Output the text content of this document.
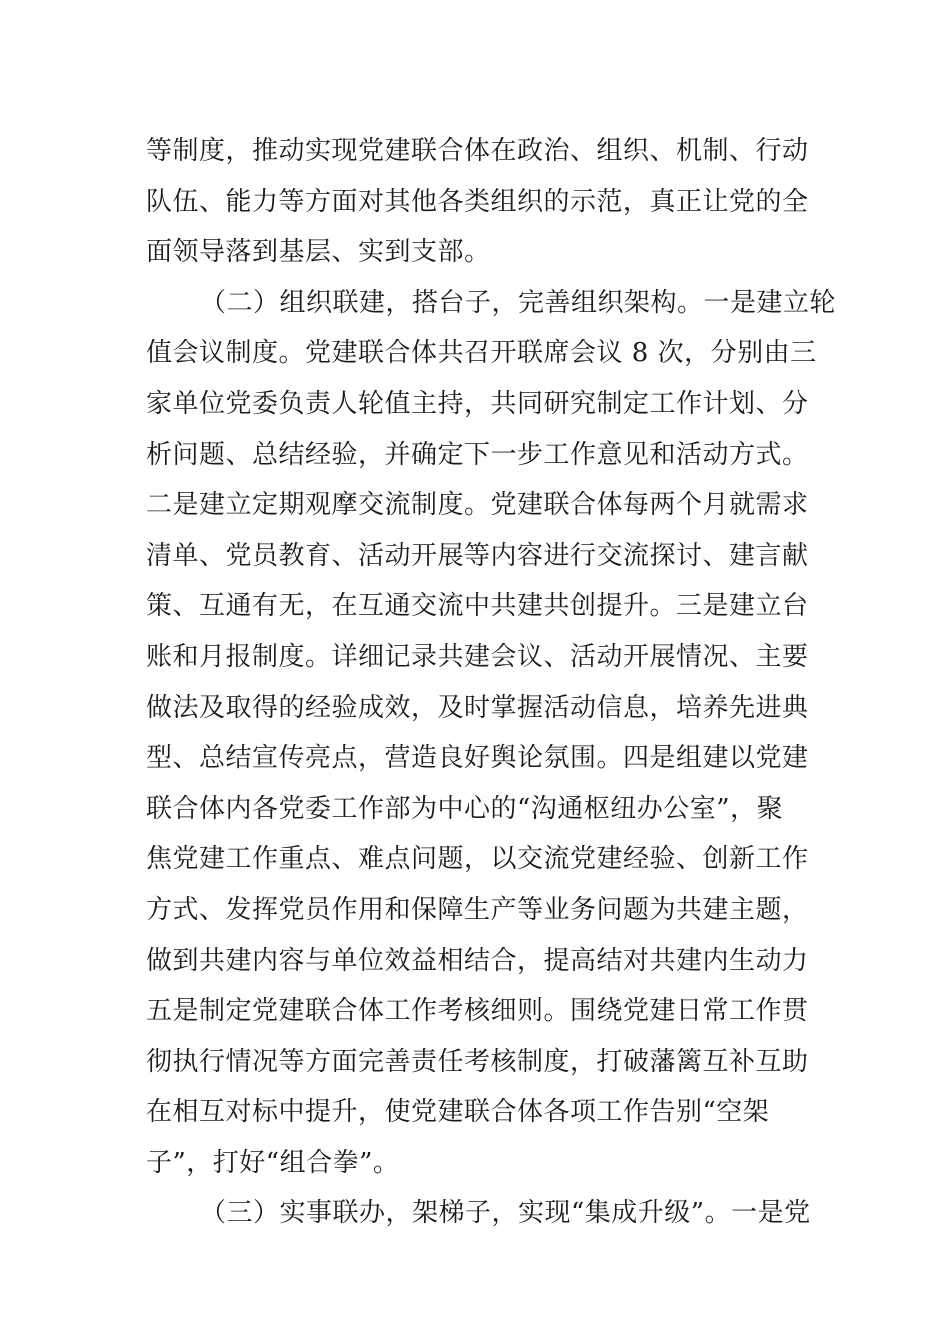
等制度，推动实现党建联合体在政治、组织、机制、行动
队伍、能力等方面对其他各类组织的示范，真正让党的全
面领导落到基层、实到支部。
（二）组织联建，搭台子，完善组织架构。一是建立轮
值会议制度。党建联合体共召开联席会议 8 次，分别由三
家单位党委负责人轮值主持，共同研究制定工作计划、分
析问题、总结经验，并确定下一步工作意见和活动方式。
二是建立定期观摩交流制度。党建联合体每两个月就需求
清单、党员教育、活动开展等内容进行交流探讨、建言献
策、互通有无，在互通交流中共建共创提升。三是建立台
账和月报制度。详细记录共建会议、活动开展情况、主要
做法及取得的经验成效，及时掌握活动信息，培养先进典
型、总结宣传亮点，营造良好舆论氛围。四是组建以党建
联合体内各党委工作部为中心的“沟通枢纽办公室”，聚
焦党建工作重点、难点问题，以交流党建经验、创新工作
方式、发挥党员作用和保障生产等业务问题为共建主题，
做到共建内容与单位效益相结合，提高结对共建内生动力
五是制定党建联合体工作考核细则。围绕党建日常工作贯
彻执行情况等方面完善责任考核制度，打破藩篱互补互助
在相互对标中提升，使党建联合体各项工作告别“空架
子”，打好“组合拳”。
（三）实事联办，架梯子，实现“集成升级”。一是党
